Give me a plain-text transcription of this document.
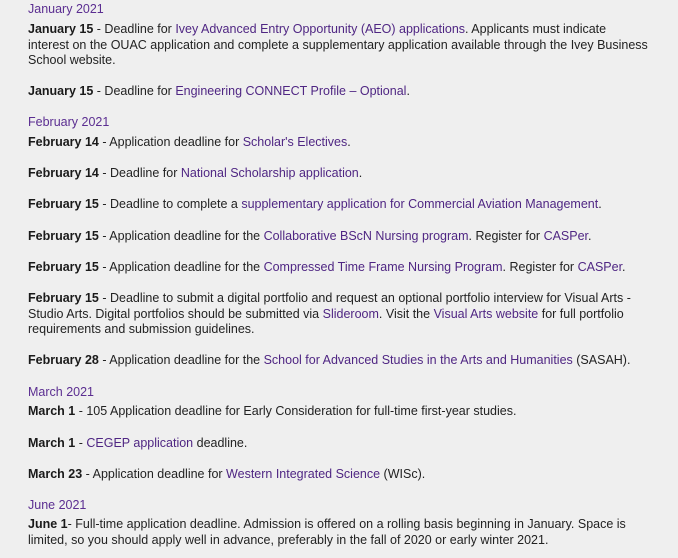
January 2021

January 15 - Deadline for Ivey Advanced Entry Opportunity (AEO) applications. Applicants must indicate interest on the OUAC application and complete a supplementary application available through the Ivey Business School website.

January 15 - Deadline for Engineering CONNECT Profile – Optional.

February 2021

February 14 - Application deadline for Scholar's Electives.

February 14 - Deadline for National Scholarship application.

February 15 - Deadline to complete a supplementary application for Commercial Aviation Management.

February 15 - Application deadline for the Collaborative BScN Nursing program. Register for CASPer.

February 15 - Application deadline for the Compressed Time Frame Nursing Program. Register for CASPer.

February 15 - Deadline to submit a digital portfolio and request an optional portfolio interview for Visual Arts - Studio Arts. Digital portfolios should be submitted via Slideroom. Visit the Visual Arts website for full portfolio requirements and submission guidelines.

February 28 - Application deadline for the School for Advanced Studies in the Arts and Humanities (SASAH).

March 2021

March 1 - 105 Application deadline for Early Consideration for full-time first-year studies.

March 1 - CEGEP application deadline.

March 23 - Application deadline for Western Integrated Science (WISc).

June 2021

June 1- Full-time application deadline. Admission is offered on a rolling basis beginning in January. Space is limited, so you should apply well in advance, preferably in the fall of 2020 or early winter 2021.
